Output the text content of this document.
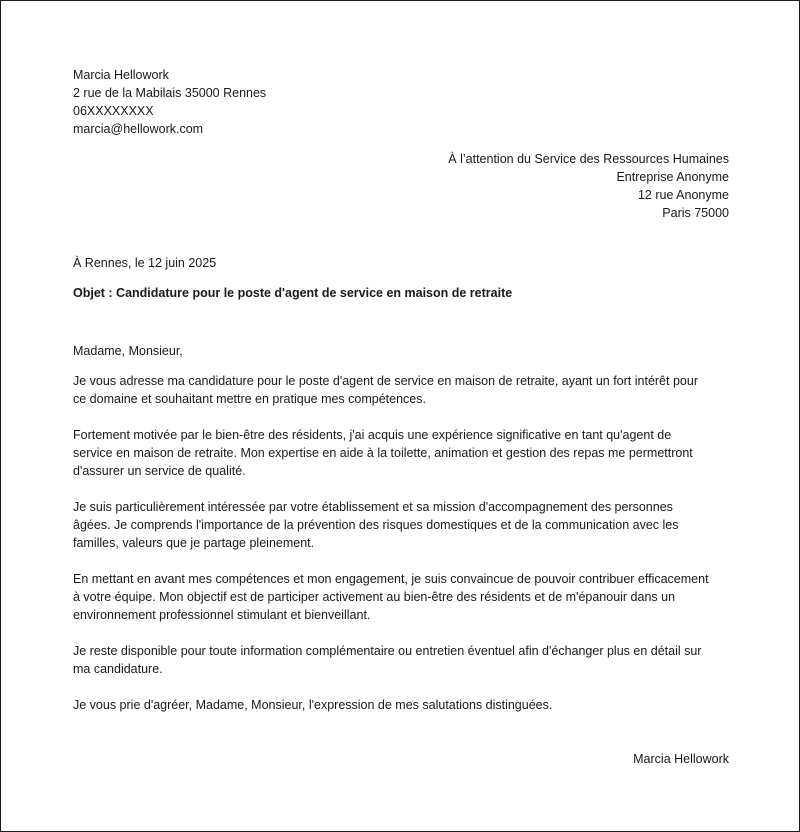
Marcia Hellowork
2 rue de la Mabilais 35000 Rennes
06XXXXXXXX
marcia@hellowork.com
À l’attention du Service des Ressources Humaines
Entreprise Anonyme
12 rue Anonyme
Paris 75000
À Rennes, le 12 juin 2025
Objet : Candidature pour le poste d'agent de service en maison de retraite
Madame, Monsieur,
Je vous adresse ma candidature pour le poste d'agent de service en maison de retraite, ayant un fort intérêt pour
ce domaine et souhaitant mettre en pratique mes compétences.
Fortement motivée par le bien-être des résidents, j'ai acquis une expérience significative en tant qu'agent de
service en maison de retraite. Mon expertise en aide à la toilette, animation et gestion des repas me permettront
d'assurer un service de qualité.
Je suis particulièrement intéressée par votre établissement et sa mission d'accompagnement des personnes
âgées. Je comprends l'importance de la prévention des risques domestiques et de la communication avec les
familles, valeurs que je partage pleinement.
En mettant en avant mes compétences et mon engagement, je suis convaincue de pouvoir contribuer efficacement
à votre équipe. Mon objectif est de participer activement au bien-être des résidents et de m'épanouir dans un
environnement professionnel stimulant et bienveillant.
Je reste disponible pour toute information complémentaire ou entretien éventuel afin d'échanger plus en détail sur
ma candidature.
Je vous prie d'agréer, Madame, Monsieur, l'expression de mes salutations distinguées.
Marcia Hellowork
